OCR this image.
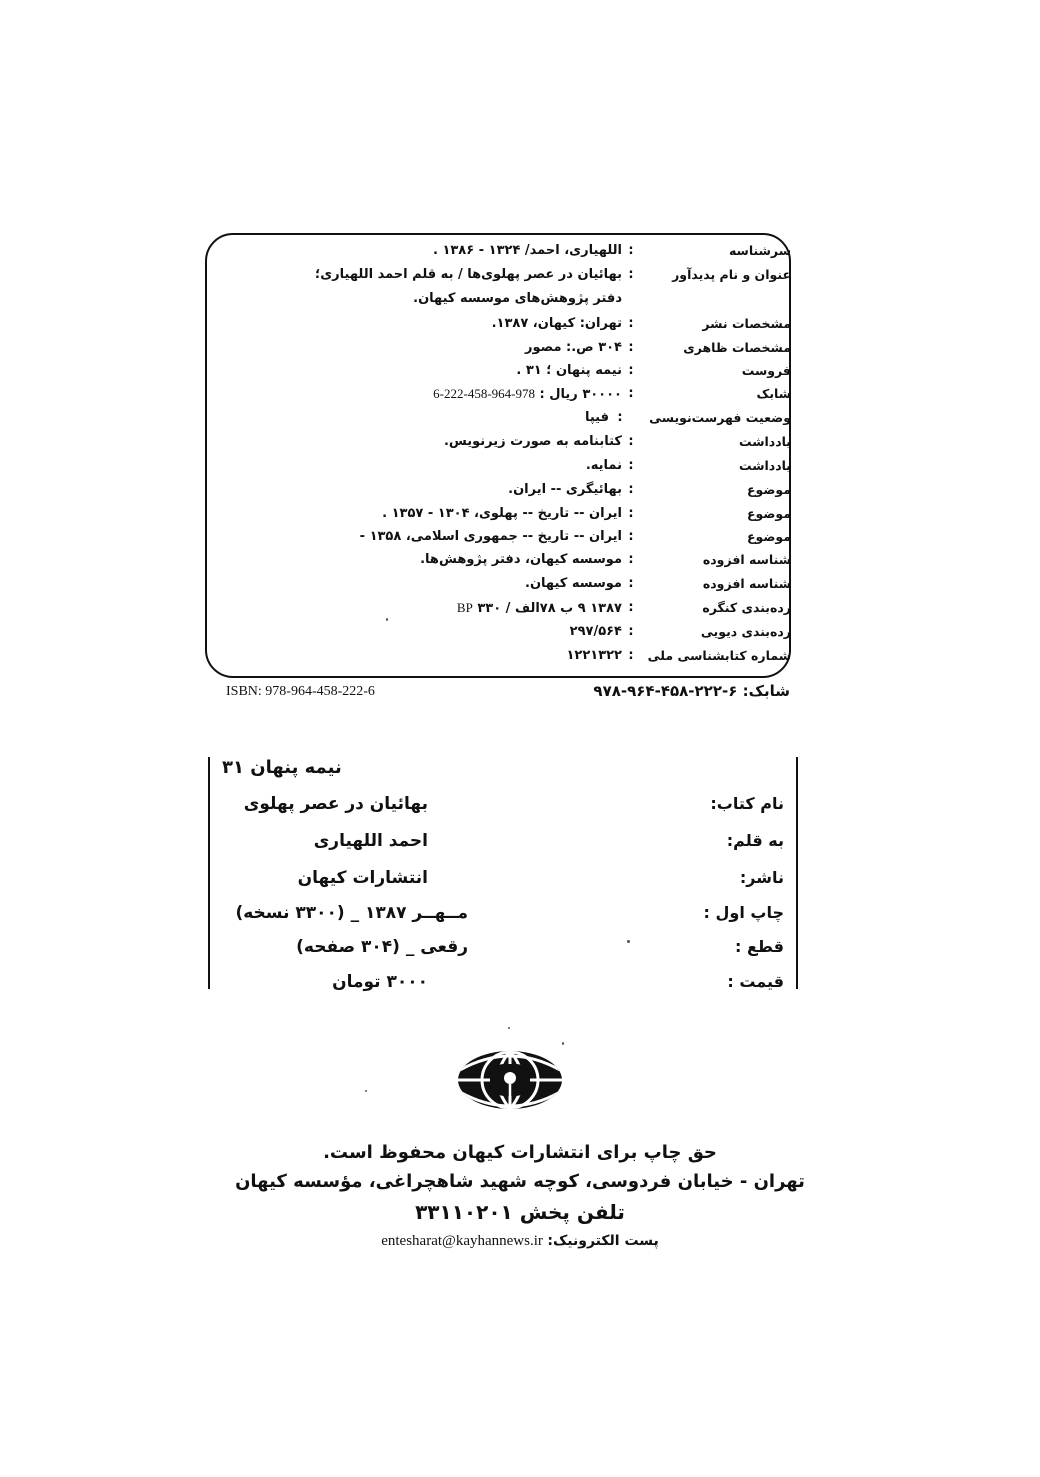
سرشناسه
:
اللهیاری، احمد/ ۱۳۲۴ - ۱۳۸۶ .
عنوان و نام پدیدآور
:
بهائیان در عصر پهلوی‌ها / به قلم احمد اللهیاری؛
دفتر پژوهش‌های موسسه کیهان.
مشخصات نشر
:
تهران: کیهان، ۱۳۸۷.
مشخصات ظاهری
:
۳۰۴ ص.: مصور
فروست
:
نیمه پنهان ؛ ۳۱ .
شابک
:
۳۰۰۰۰ ریال : 978-964-458-222-6
وضعیت فهرست‌نویسی
:
فیپا
یادداشت
:
کتابنامه به صورت زیرنویس.
یادداشت
:
نمایه.
موضوع
:
بهائیگری -- ایران.
موضوع
:
ایران -- تاریخ -- پهلوی، ۱۳۰۴ - ۱۳۵۷ .
موضوع
:
ایران -- تاریخ -- جمهوری اسلامی، ۱۳۵۸ -
شناسه افزوده
:
موسسه کیهان، دفتر پژوهش‌ها.
شناسه افزوده
:
موسسه کیهان.
رده‌بندی کنگره
:
۱۳۸۷ ۹ ب ۷۸الف / ۳۳۰ BP
رده‌بندی دیویی
:
۲۹۷/۵۶۴
شماره کتابشناسی ملی
:
۱۲۲۱۳۲۲
ISBN: 978-964-458-222-6	شابک: ۶-۲۲۲-۴۵۸-۹۶۴-۹۷۸
نیمه پنهان ۳۱
نام کتاب:
بهائیان در عصر پهلوی
به قلم:
احمد اللهیاری
ناشر:
انتشارات کیهان
چاپ اول :
مــهــر ۱۳۸۷ _ (۳۳۰۰ نسخه)
قطع :
رقعی _ (۳۰۴ صفحه)
قیمت :
۳۰۰۰ تومان
حق چاپ برای انتشارات کیهان محفوظ است.
تهران - خیابان فردوسی، کوچه شهید شاهچراغی، مؤسسه کیهان
تلفن پخش ۳۳۱۱۰۲۰۱
پست الکترونیک: entesharat@kayhannews.ir
